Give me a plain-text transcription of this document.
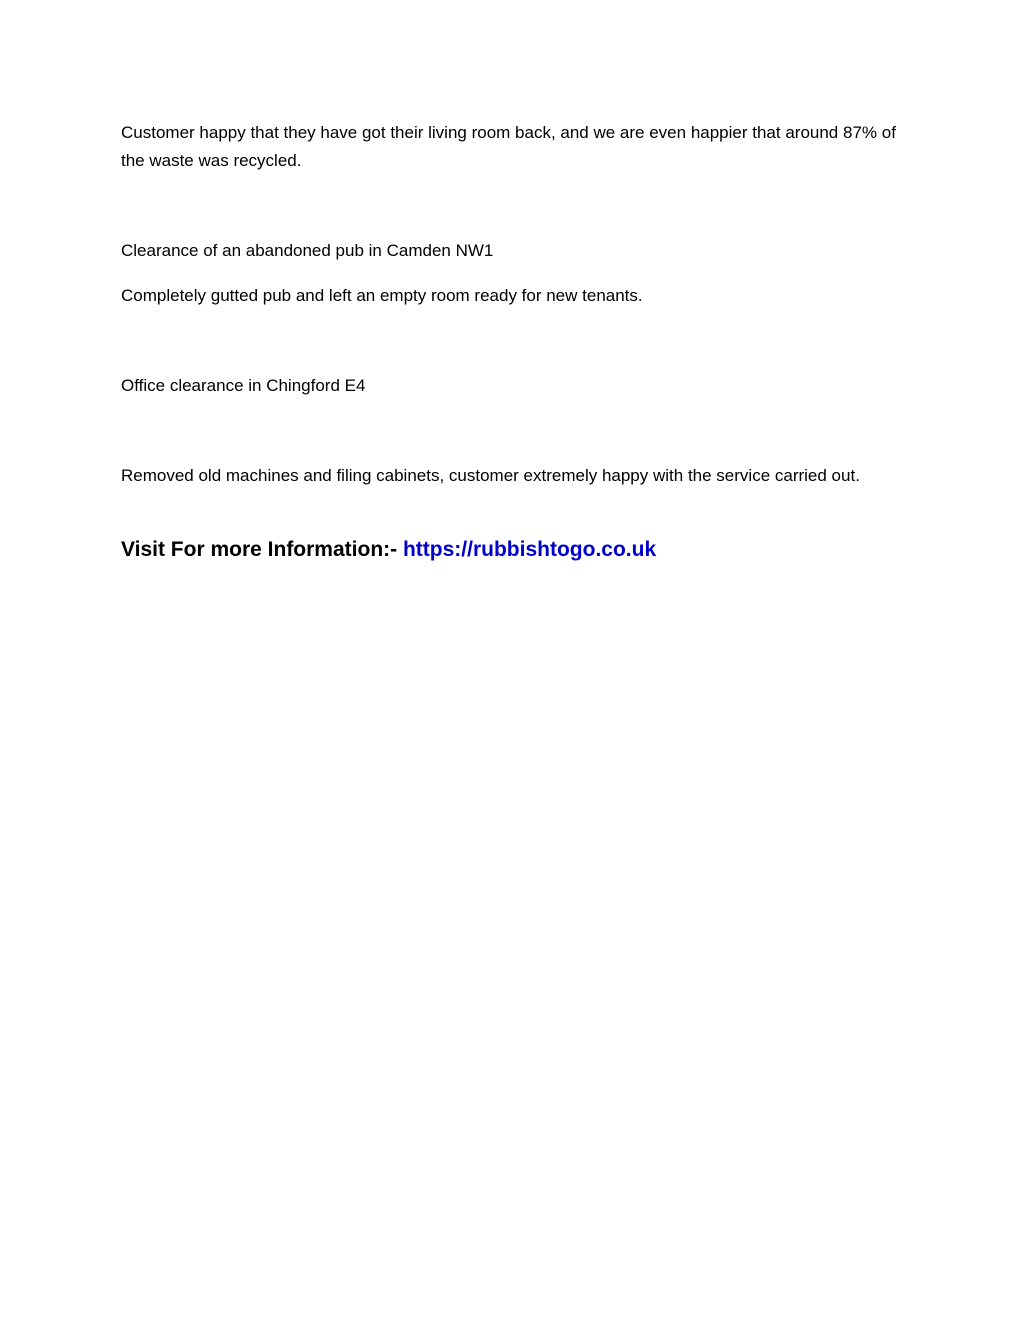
Customer happy that they have got their living room back, and we are even happier that around 87% of the waste was recycled.

Clearance of an abandoned pub in Camden NW1

Completely gutted pub and left an empty room ready for new tenants.

Office clearance in Chingford E4

Removed old machines and filing cabinets, customer extremely happy with the service carried out.

Visit For more Information:- https://rubbishtogo.co.uk
